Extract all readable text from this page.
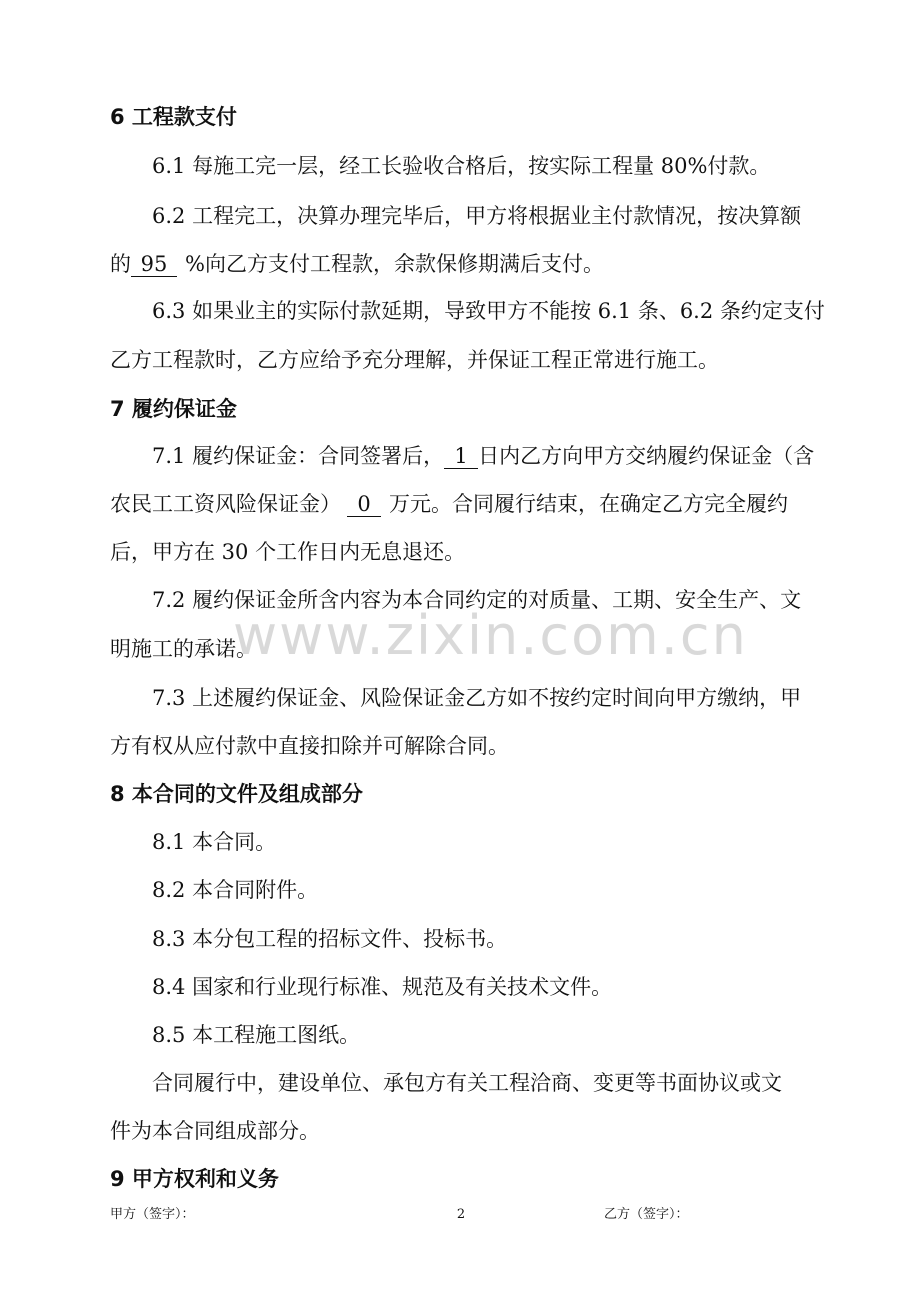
6 工程款支付
6.1 每施工完一层，经工长验收合格后，按实际工程量 80%付款。
6.2 工程完工，决算办理完毕后，甲方将根据业主付款情况，按决算额
的 95 %向乙方支付工程款，余款保修期满后支付。
6.3 如果业主的实际付款延期，导致甲方不能按 6.1 条、6.2 条约定支付
乙方工程款时，乙方应给予充分理解，并保证工程正常进行施工。
7 履约保证金
7.1 履约保证金：合同签署后， 1 日内乙方向甲方交纳履约保证金（含
农民工工资风险保证金） 0 万元。合同履行结束，在确定乙方完全履约
后，甲方在 30 个工作日内无息退还。
7.2 履约保证金所含内容为本合同约定的对质量、工期、安全生产、文
明施工的承诺。
7.3 上述履约保证金、风险保证金乙方如不按约定时间向甲方缴纳，甲
方有权从应付款中直接扣除并可解除合同。
8 本合同的文件及组成部分
8.1 本合同。
8.2 本合同附件。
8.3 本分包工程的招标文件、投标书。
8.4 国家和行业现行标准、规范及有关技术文件。
8.5 本工程施工图纸。
合同履行中，建设单位、承包方有关工程洽商、变更等书面协议或文
件为本合同组成部分。
9 甲方权利和义务
www.zixin.com.cn
甲方（签字）：	2	乙方（签字）：
